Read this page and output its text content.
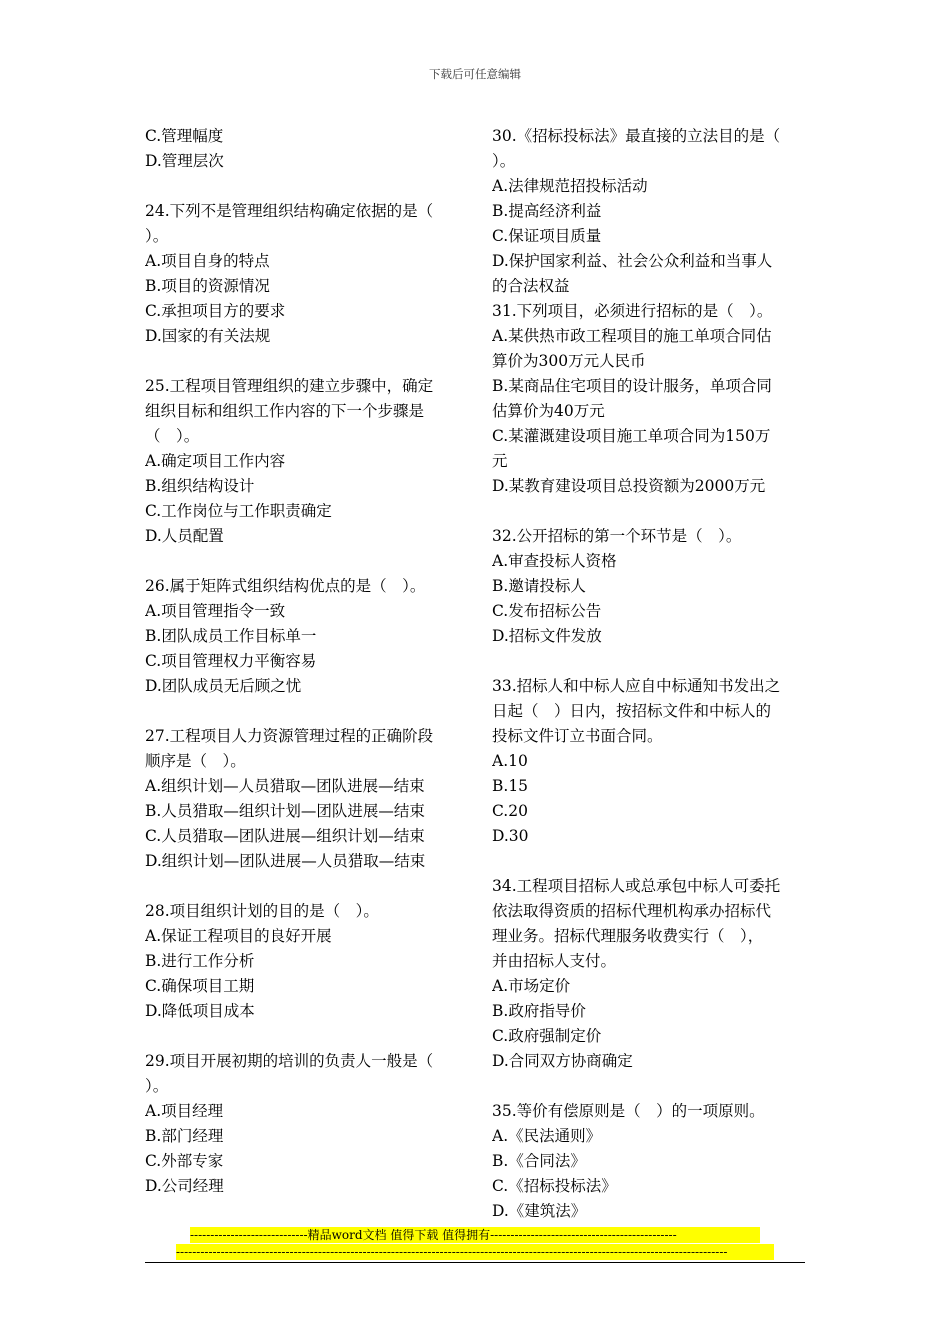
下载后可任意编辑
C.管理幅度
D.管理层次
24.下列不是管理组织结构确定依据的是（
）。
A.项目自身的特点
B.项目的资源情况
C.承担项目方的要求
D.国家的有关法规
25.工程项目管理组织的建立步骤中，确定
组织目标和组织工作内容的下一个步骤是
（　）。
A.确定项目工作内容
B.组织结构设计
C.工作岗位与工作职责确定
D.人员配置
26.属于矩阵式组织结构优点的是（　）。
A.项目管理指令一致
B.团队成员工作目标单一
C.项目管理权力平衡容易
D.团队成员无后顾之忧
27.工程项目人力资源管理过程的正确阶段
顺序是（　）。
A.组织计划—人员猎取—团队进展—结束
B.人员猎取—组织计划—团队进展—结束
C.人员猎取—团队进展—组织计划—结束
D.组织计划—团队进展—人员猎取—结束
28.项目组织计划的目的是（　）。
A.保证工程项目的良好开展
B.进行工作分析
C.确保项目工期
D.降低项目成本
29.项目开展初期的培训的负责人一般是（
）。
A.项目经理
B.部门经理
C.外部专家
D.公司经理
30.《招标投标法》最直接的立法目的是（
）。
A.法律规范招投标活动
B.提高经济利益
C.保证项目质量
D.保护国家利益、社会公众利益和当事人
的合法权益
31.下列项目，必须进行招标的是（　）。
A.某供热市政工程项目的施工单项合同估
算价为300万元人民币
B.某商品住宅项目的设计服务，单项合同
估算价为40万元
C.某灌溉建设项目施工单项合同为150万
元
D.某教育建设项目总投资额为2000万元
32.公开招标的第一个环节是（　）。
A.审查投标人资格
B.邀请投标人
C.发布招标公告
D.招标文件发放
33.招标人和中标人应自中标通知书发出之
日起（　）日内，按招标文件和中标人的
投标文件订立书面合同。
A.10
B.15
C.20
D.30
34.工程项目招标人或总承包中标人可委托
依法取得资质的招标代理机构承办招标代
理业务。招标代理服务收费实行（　），
并由招标人支付。
A.市场定价
B.政府指导价
C.政府强制定价
D.合同双方协商确定
35.等价有偿原则是（　）的一项原则。
A.《民法通则》
B.《合同法》
C.《招标投标法》
D.《建筑法》
-----------------------------精品word文档 值得下载 值得拥有----------------------------------------------
----------------------------------------------------------------------------------------------------------------------------------------
